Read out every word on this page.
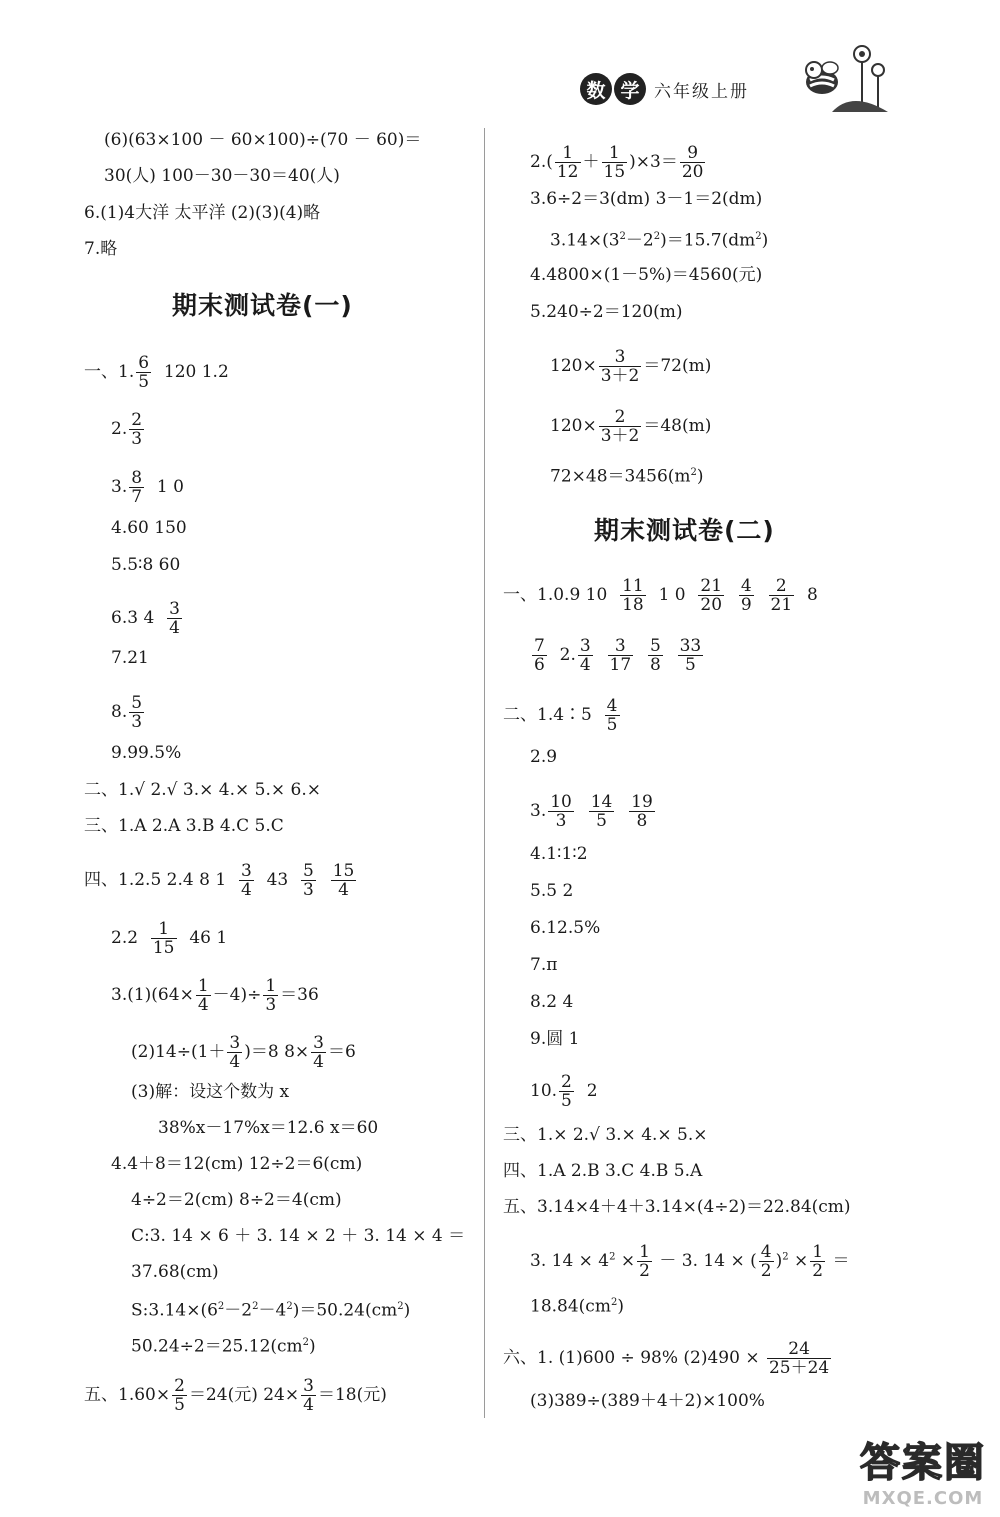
数 学 六年级上册
(6)(63×100 － 60×100)÷(70 － 60)＝
30(人) 100－30－30＝40(人)
6.(1)4大洋 太平洋 (2)(3)(4)略
7.略
期末测试卷(一)
一、1. $\frac{6}{5} 120$ 1.2
2. $\frac{2}{3}$
3. $\frac{8}{7} 1$ 0
4.60 150
5.5∶8 60
6.3 $4 \frac{3}{4}$
7.21
8. $\frac{5}{3}$
9.99.5%
二、1.√ 2.√ 3.× 4.× 5.× 6.×
三、1.A 2.A 3.B 4.C 5.C
四、1.2.5 2.4 8 $1 \frac{3}{4} 43 \frac{5}{3}$
$\frac{15}{4}$
$2.2 \frac{1}{15} 46$ 1
$3.(1)(64\times \frac{1}{4} -4)\div \frac{1}{3} =36$
$(2)14\div(1+ \frac{3}{4} )=8$ $8\times \frac{3}{4} =6$
(3)解：设这个数为 x
38%x－17%x＝12.6 x＝60
4.4＋8＝12(cm) 12÷2＝6(cm)
4÷2＝2(cm) 8÷2＝4(cm)
C:3. 14 × 6 ＋ 3. 14 × 2 ＋ 3. 14 × 4 ＝
37.68(cm)
$S:3.14\times(6^2-2^2-4^2)=50.24(cm^2)$
$50.24\div 2=25.12(cm^2)$
五、$1.60\times \frac{2}{5} =24$(元) $24\times \frac{3}{4} =18$(元)
$2.( \frac{1}{12} + \frac{1}{15} )\times 3= \frac{9}{20}$
3.6÷2＝3(dm) 3－1＝2(dm)
$3.14\times(3^2-2^2)=15.7(dm^2)$
4.4800×(1－5%)＝4560(元)
5.240÷2＝120(m)
$120\times \frac{3}{3+2} =72(m)$
$120\times \frac{2}{3+2} =48(m)$
$72\times 48=3456(m^2)$
期末测试卷(二)
一、1.0.9 $10 \frac{11}{18} 1$ $0 \frac{21}{20}$
$\frac{4}{9}$
$\frac{2}{21} 8$
$\frac{7}{6} 2$. $\frac{3}{4}$
$\frac{3}{17}$
$\frac{5}{8}$
$\frac{33}{5}$
二、1.4∶5 $\frac{4}{5}$
2.9
3. $\frac{10}{3}$
$\frac{14}{5}$
$\frac{19}{8}$
4.1∶1∶2
5.5 2
6.12.5%
7.π
8.2 4
9.圆 1
10. $\frac{2}{5} 2$
三、1.× 2.√ 3.× 4.× 5.×
四、1.A 2.B 3.C 4.B 5.A
五、3.14×4＋4＋3.14×(4÷2)＝22.84(cm)
3. $14 \times 4^2 \times \frac{1}{2} - 3$. 14 × ( $\frac{4}{2} )^2 \times \frac{1}{2}$ ＝
$18.84(cm^2)$
六、1. (1)600 ÷ 98% $(2)490 \times \frac{24}{25+24}$
(3)389÷(389＋4＋2)×100%
答案圈
MXQE.COM
